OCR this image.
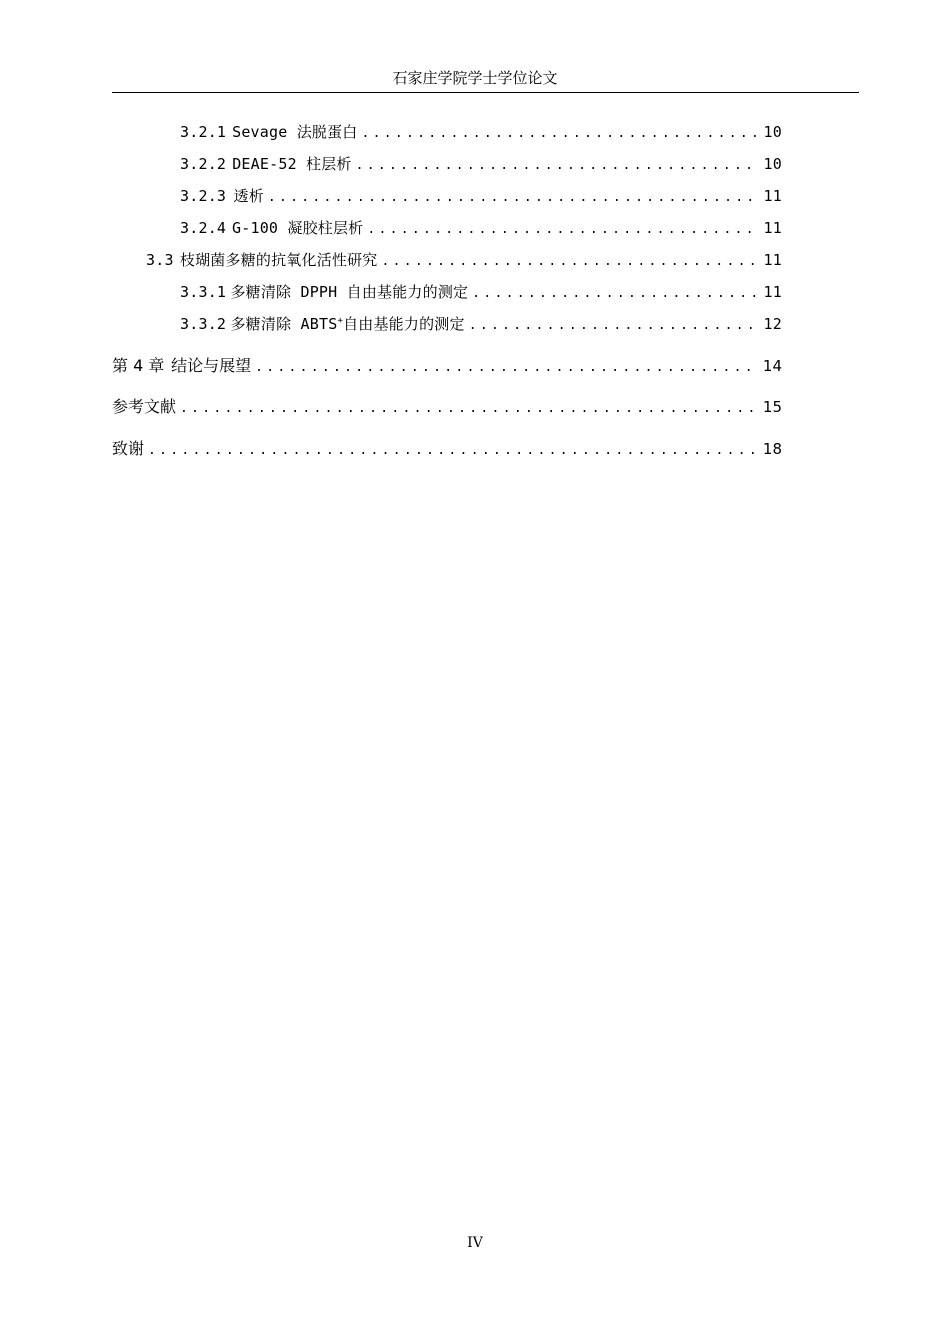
石家庄学院学士学位论文
3.2.1 Sevage 法脱蛋白 .....	10
3.2.2 DEAE-52 柱层析 .....	10
3.2.3 透析 .....	11
3.2.4 G-100 凝胶柱层析 .....	11
3.3 枝瑚菌多糖的抗氧化活性研究 .....	11
3.3.1 多糖清除 DPPH 自由基能力的测定 .....	11
3.3.2 多糖清除 ABTS+自由基能力的测定 .....	12
第 4 章 结论与展望 .....	14
参考文献 .....	15
致谢 .....	18
IV
